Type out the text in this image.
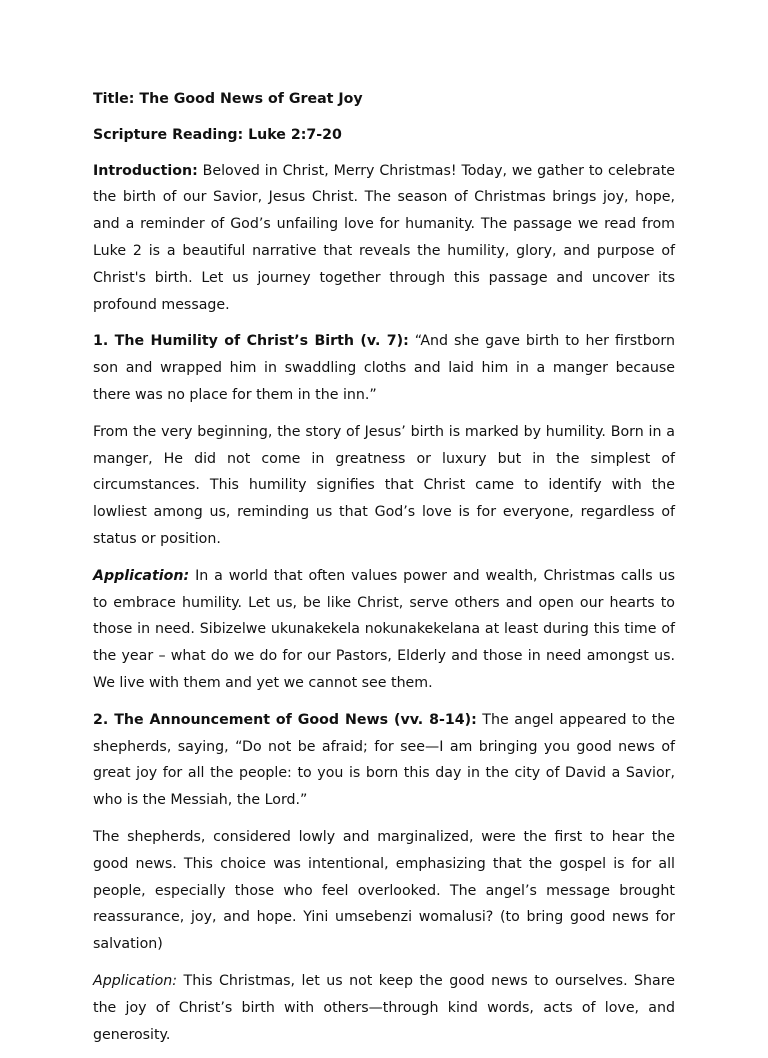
Title: The Good News of Great Joy

Scripture Reading: Luke 2:7-20

Introduction: Beloved in Christ, Merry Christmas! Today, we gather to celebrate the birth of our Savior, Jesus Christ. The season of Christmas brings joy, hope, and a reminder of God’s unfailing love for humanity. The passage we read from Luke 2 is a beautiful narrative that reveals the humility, glory, and purpose of Christ's birth. Let us journey together through this passage and uncover its profound message.

1. The Humility of Christ’s Birth (v. 7): “And she gave birth to her firstborn son and wrapped him in swaddling cloths and laid him in a manger because there was no place for them in the inn.”

From the very beginning, the story of Jesus’ birth is marked by humility. Born in a manger, He did not come in greatness or luxury but in the simplest of circumstances. This humility signifies that Christ came to identify with the lowliest among us, reminding us that God’s love is for everyone, regardless of status or position.

Application: In a world that often values power and wealth, Christmas calls us to embrace humility. Let us, be like Christ, serve others and open our hearts to those in need. Sibizelwe ukunakekela nokunakekelana at least during this time of the year – what do we do for our Pastors, Elderly and those in need amongst us. We live with them and yet we cannot see them.

2. The Announcement of Good News (vv. 8-14): The angel appeared to the shepherds, saying, “Do not be afraid; for see—I am bringing you good news of great joy for all the people: to you is born this day in the city of David a Savior, who is the Messiah, the Lord.”

The shepherds, considered lowly and marginalized, were the first to hear the good news. This choice was intentional, emphasizing that the gospel is for all people, especially those who feel overlooked. The angel’s message brought reassurance, joy, and hope. Yini umsebenzi womalusi? (to bring good news for salvation)

Application: This Christmas, let us not keep the good news to ourselves. Share the joy of Christ’s birth with others—through kind words, acts of love, and generosity.
